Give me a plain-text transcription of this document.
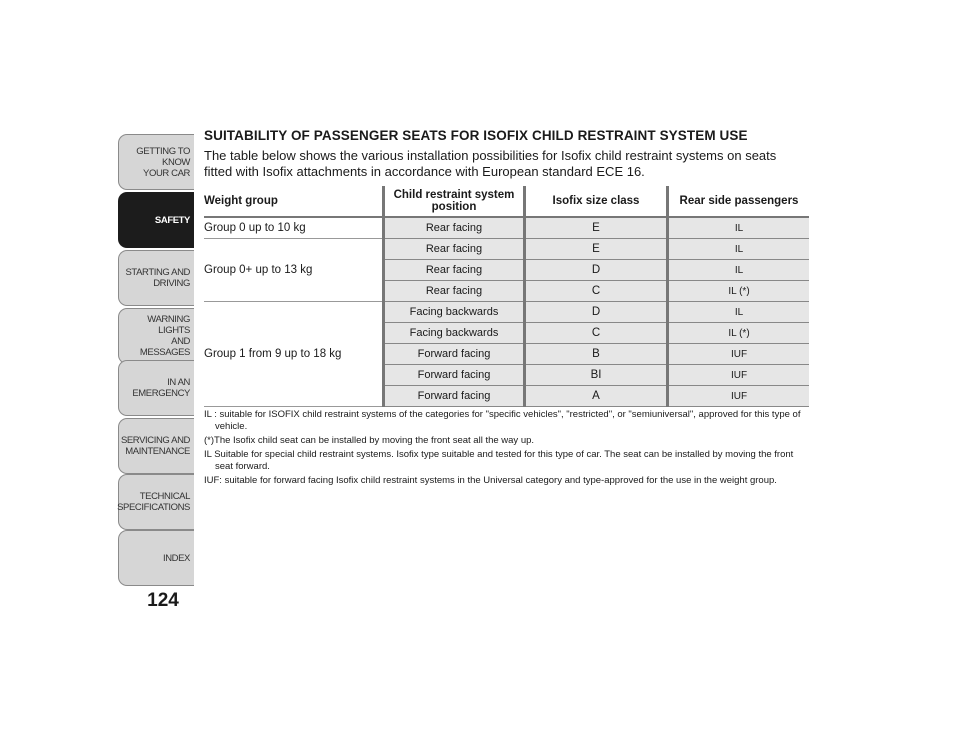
GETTING TO KNOW
YOUR CAR
SAFETY
STARTING AND
DRIVING
WARNING LIGHTS
AND MESSAGES
IN AN EMERGENCY
SERVICING AND
MAINTENANCE
TECHNICAL
SPECIFICATIONS
INDEX
124
SUITABILITY OF PASSENGER SEATS FOR ISOFIX CHILD RESTRAINT SYSTEM USE

The table below shows the various installation possibilities for Isofix child restraint systems on seats fitted with Isofix attachments in accordance with European standard ECE 16.

Weight group	Child restraint system position	Isofix size class	Rear side passengers
Group 0 up to 10 kg	Rear facing	E	IL
Group 0+ up to 13 kg	Rear facing	E	IL
	Rear facing	D	IL
	Rear facing	C	IL (*)
Group 1 from 9 up to 18 kg	Facing backwards	D	IL
	Facing backwards	C	IL (*)
	Forward facing	B	IUF
	Forward facing	BI	IUF
	Forward facing	A	IUF

IL : suitable for ISOFIX child restraint systems of the categories for "specific vehicles", "restricted", or "semiuniversal", approved for this type of vehicle.

(*)The Isofix child seat can be installed by moving the front seat all the way up.

IL Suitable for special child restraint systems. Isofix type suitable and tested for this type of car. The seat can be installed by moving the front seat forward.

IUF: suitable for forward facing Isofix child restraint systems in the Universal category and type-approved for the use in the weight group.
